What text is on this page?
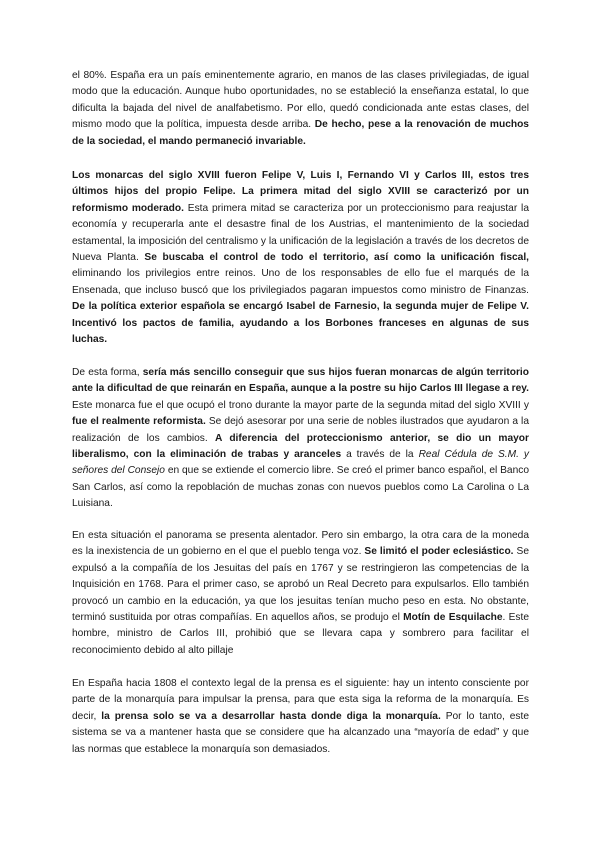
el 80%. España era un país eminentemente agrario, en manos de las clases privilegiadas, de igual modo que la educación. Aunque hubo oportunidades, no se estableció la enseñanza estatal, lo que dificulta la bajada del nivel de analfabetismo. Por ello, quedó condicionada ante estas clases, del mismo modo que la política, impuesta desde arriba. De hecho, pese a la renovación de muchos de la sociedad, el mando permaneció invariable.

Los monarcas del siglo XVIII fueron Felipe V, Luis I, Fernando VI y Carlos III, estos tres últimos hijos del propio Felipe. La primera mitad del siglo XVIII se caracterizó por un reformismo moderado. Esta primera mitad se caracteriza por un proteccionismo para reajustar la economía y recuperarla ante el desastre final de los Austrias, el mantenimiento de la sociedad estamental, la imposición del centralismo y la unificación de la legislación a través de los decretos de Nueva Planta. Se buscaba el control de todo el territorio, así como la unificación fiscal, eliminando los privilegios entre reinos. Uno de los responsables de ello fue el marqués de la Ensenada, que incluso buscó que los privilegiados pagaran impuestos como ministro de Finanzas. De la política exterior española se encargó Isabel de Farnesio, la segunda mujer de Felipe V. Incentivó los pactos de familia, ayudando a los Borbones franceses en algunas de sus luchas.

De esta forma, sería más sencillo conseguir que sus hijos fueran monarcas de algún territorio ante la dificultad de que reinarán en España, aunque a la postre su hijo Carlos III llegase a rey. Este monarca fue el que ocupó el trono durante la mayor parte de la segunda mitad del siglo XVIII y fue el realmente reformista. Se dejó asesorar por una serie de nobles ilustrados que ayudaron a la realización de los cambios. A diferencia del proteccionismo anterior, se dio un mayor liberalismo, con la eliminación de trabas y aranceles a través de la Real Cédula de S.M. y señores del Consejo en que se extiende el comercio libre. Se creó el primer banco español, el Banco San Carlos, así como la repoblación de muchas zonas con nuevos pueblos como La Carolina o La Luisiana.

En esta situación el panorama se presenta alentador. Pero sin embargo, la otra cara de la moneda es la inexistencia de un gobierno en el que el pueblo tenga voz. Se limitó el poder eclesiástico. Se expulsó a la compañía de los Jesuitas del país en 1767 y se restringieron las competencias de la Inquisición en 1768. Para el primer caso, se aprobó un Real Decreto para expulsarlos. Ello también provocó un cambio en la educación, ya que los jesuitas tenían mucho peso en esta. No obstante, terminó sustituida por otras compañías. En aquellos años, se produjo el Motín de Esquilache. Este hombre, ministro de Carlos III, prohibió que se llevara capa y sombrero para facilitar el reconocimiento debido al alto pillaje

En España hacia 1808 el contexto legal de la prensa es el siguiente: hay un intento consciente por parte de la monarquía para impulsar la prensa, para que esta siga la reforma de la monarquía. Es decir, la prensa solo se va a desarrollar hasta donde diga la monarquía. Por lo tanto, este sistema se va a mantener hasta que se considere que ha alcanzado una “mayoría de edad” y que las normas que establece la monarquía son demasiados.
